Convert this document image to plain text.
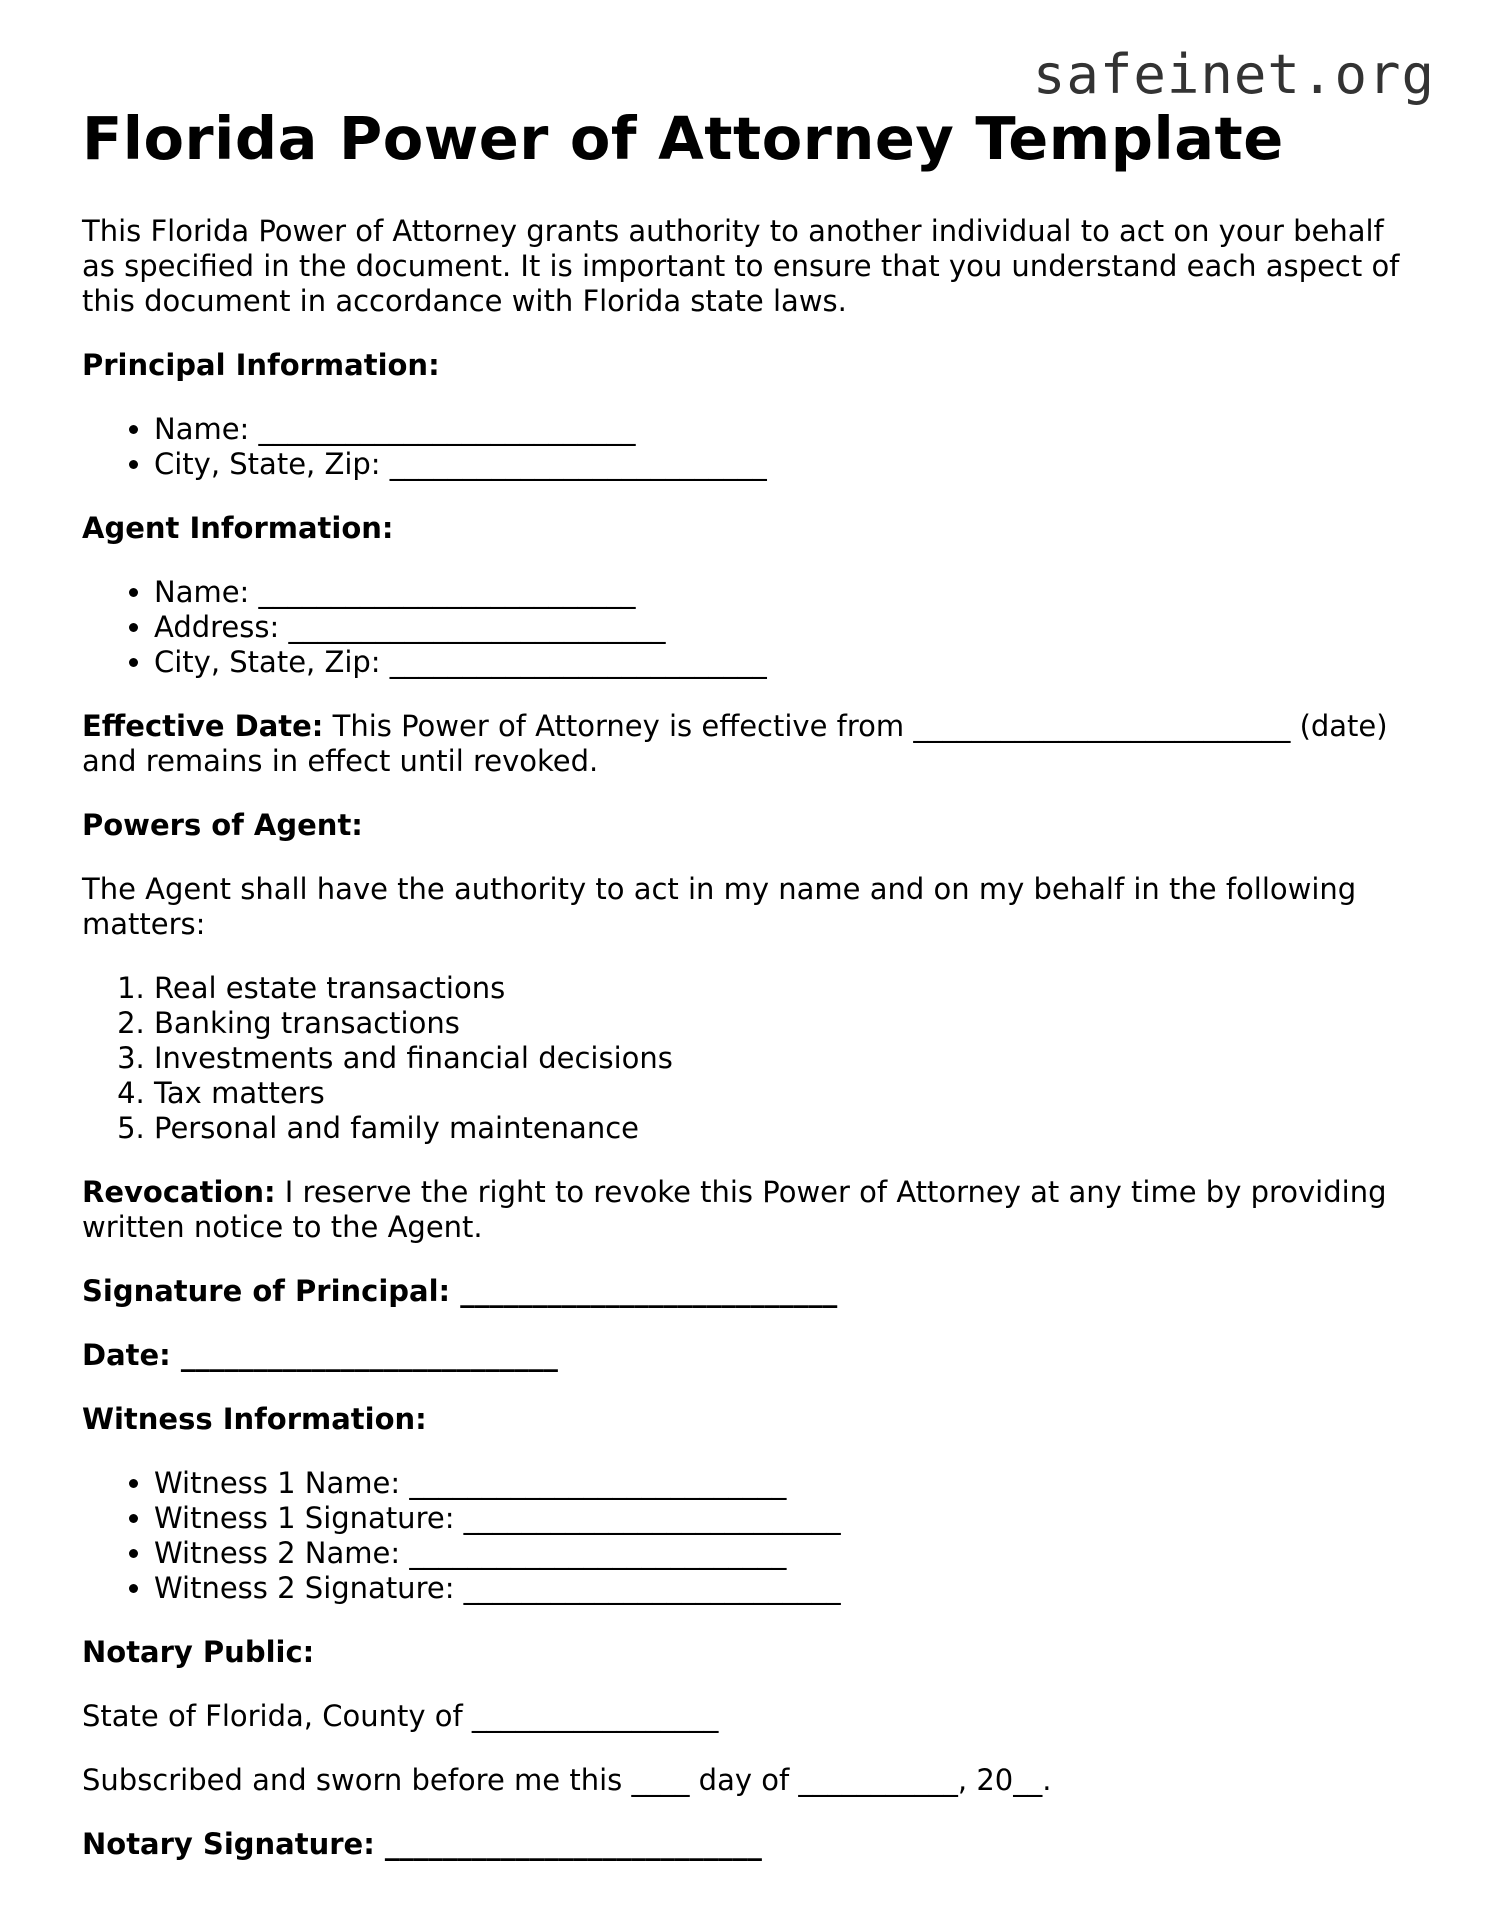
safeinet.org
Florida Power of Attorney Template

This Florida Power of Attorney grants authority to another individual to act on your behalf as specified in the document. It is important to ensure that you understand each aspect of this document in accordance with Florida state laws.

Principal Information:

• Name: __________________________
• City, State, Zip: __________________________

Agent Information:

• Name: __________________________
• Address: __________________________
• City, State, Zip: __________________________

Effective Date: This Power of Attorney is effective from __________________________ (date) and remains in effect until revoked.

Powers of Agent:

The Agent shall have the authority to act in my name and on my behalf in the following matters:

1. Real estate transactions
2. Banking transactions
3. Investments and financial decisions
4. Tax matters
5. Personal and family maintenance

Revocation: I reserve the right to revoke this Power of Attorney at any time by providing written notice to the Agent.

Signature of Principal: __________________________

Date: __________________________

Witness Information:

• Witness 1 Name: __________________________
• Witness 1 Signature: __________________________
• Witness 2 Name: __________________________
• Witness 2 Signature: __________________________

Notary Public:

State of Florida, County of _________________

Subscribed and sworn before me this ____ day of ___________, 20__.

Notary Signature: __________________________
